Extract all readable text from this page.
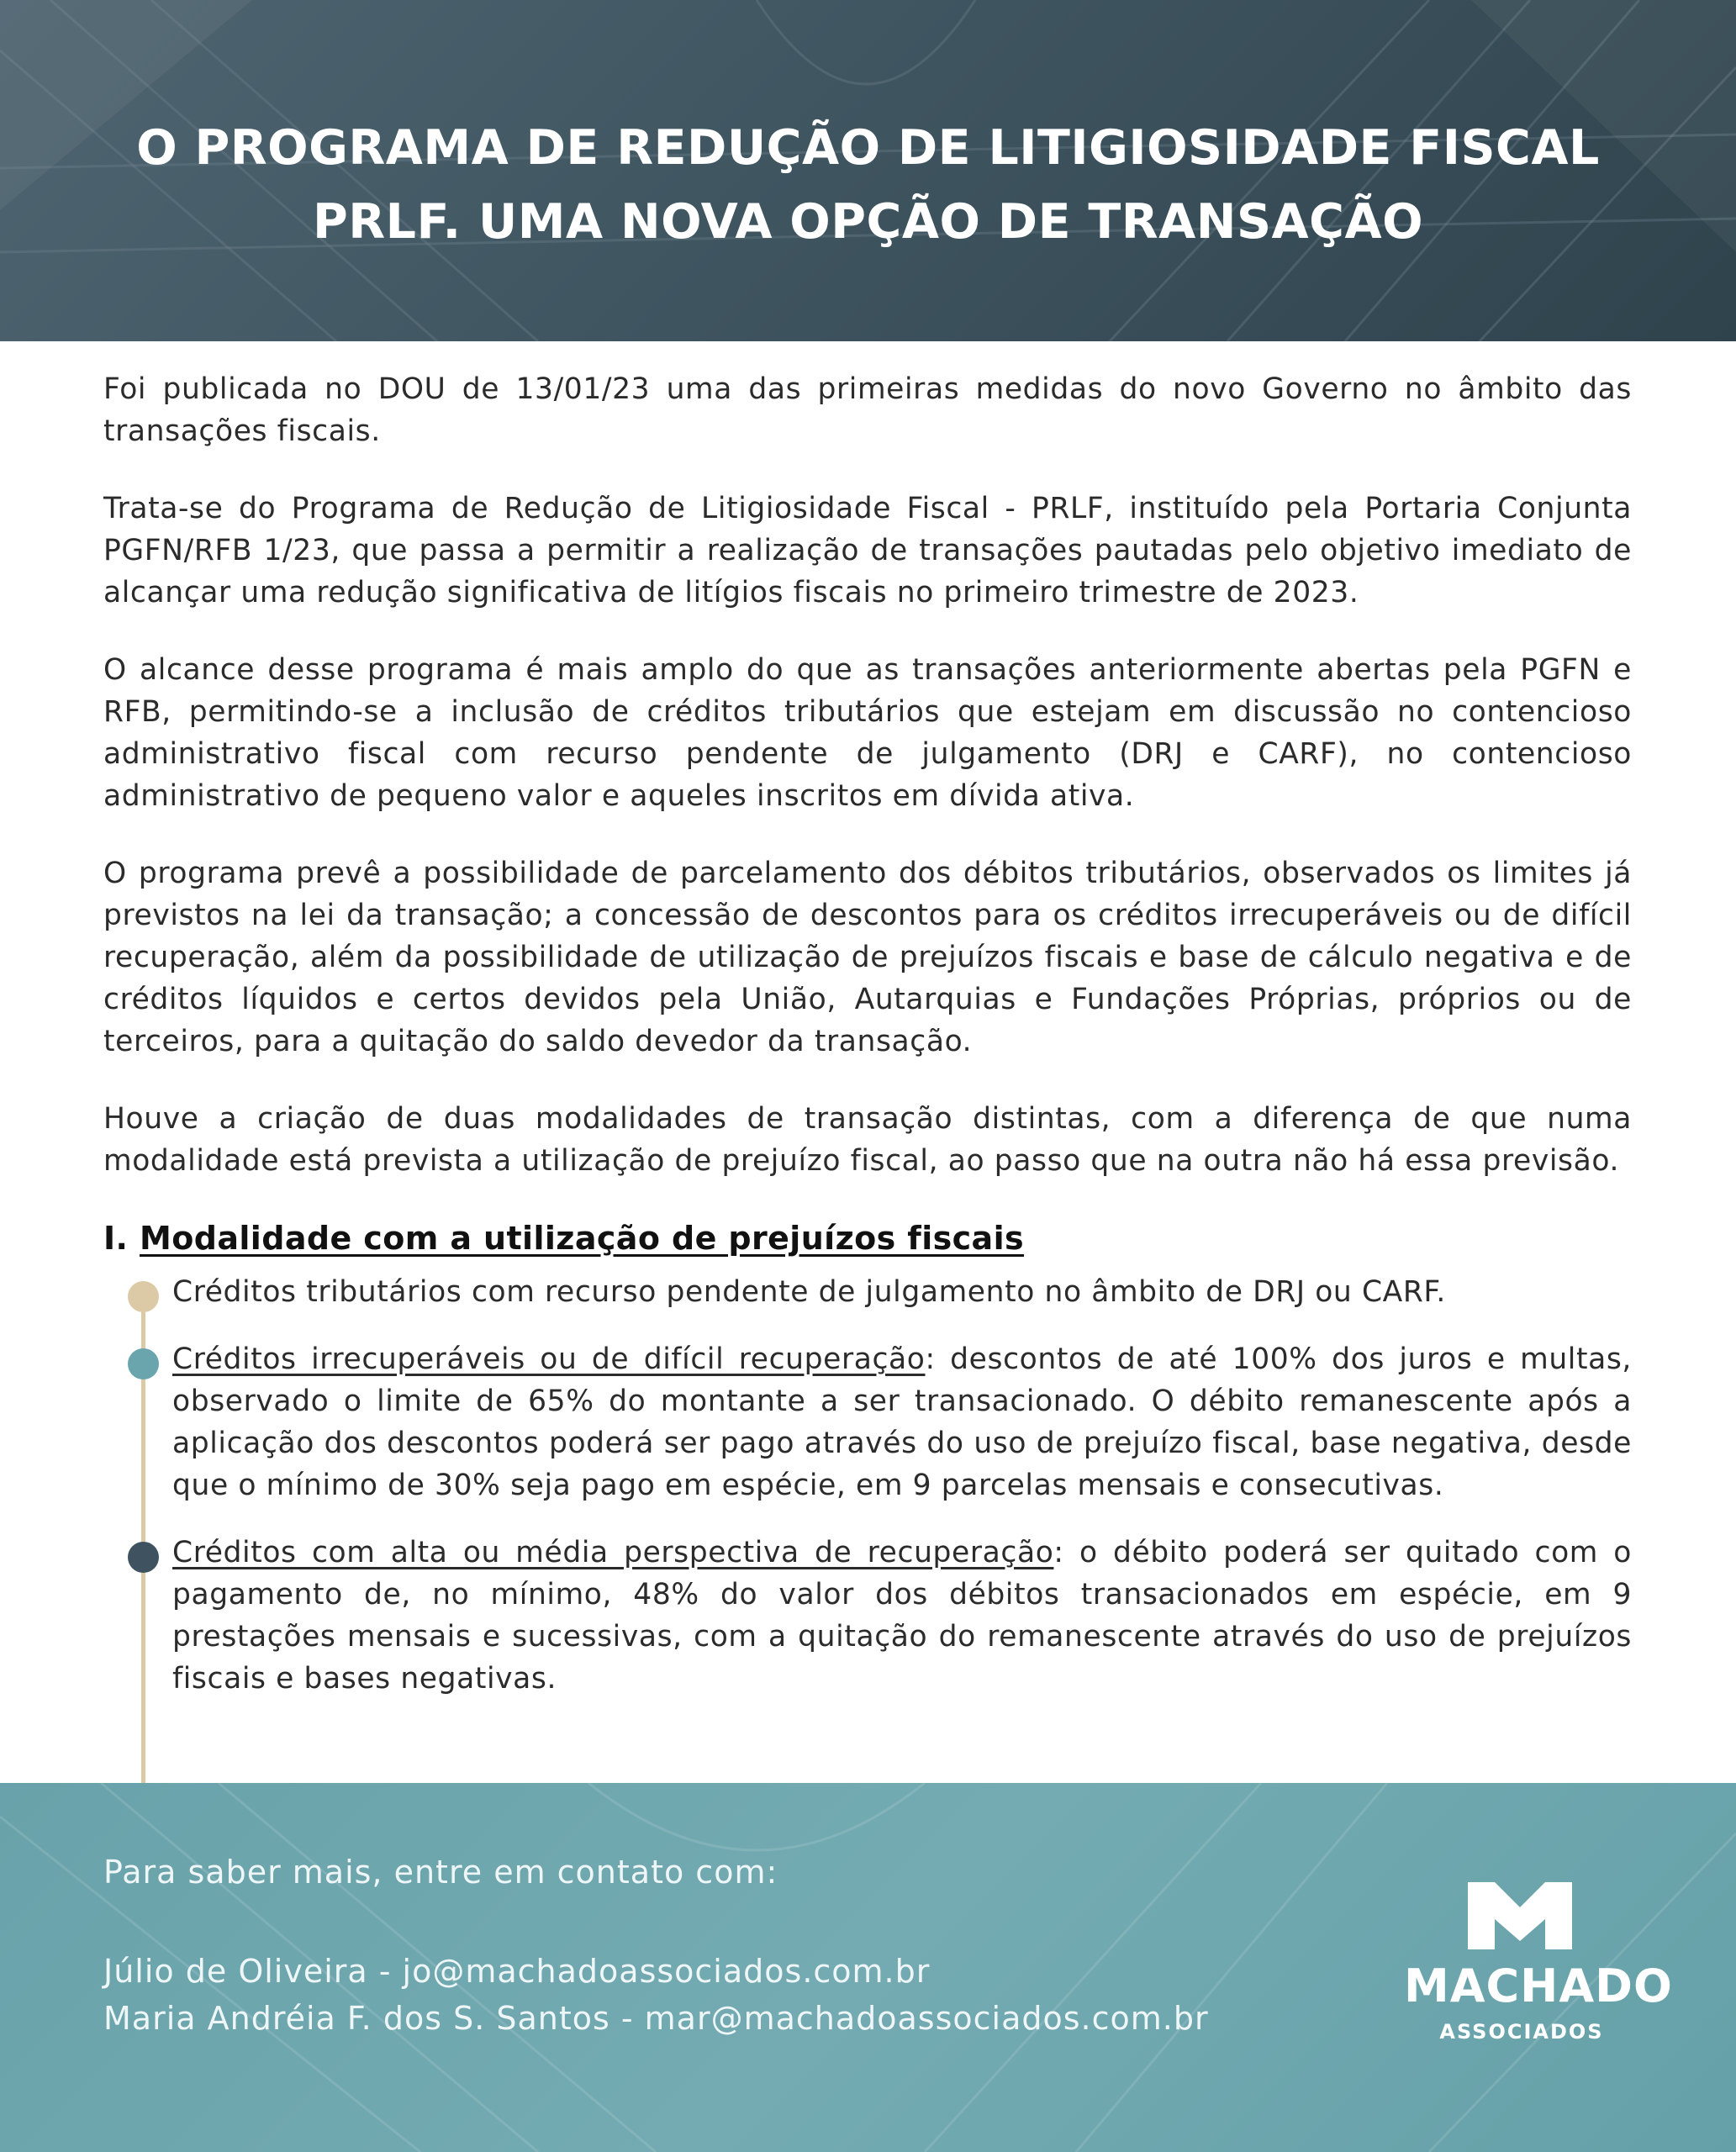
O PROGRAMA DE REDUÇÃO DE LITIGIOSIDADE FISCAL
PRLF. UMA NOVA OPÇÃO DE TRANSAÇÃO

Foi publicada no DOU de 13/01/23 uma das primeiras medidas do novo Governo no âmbito das transações fiscais.

Trata-se do Programa de Redução de Litigiosidade Fiscal - PRLF, instituído pela Portaria Conjunta PGFN/RFB 1/23, que passa a permitir a realização de transações pautadas pelo objetivo imediato de alcançar uma redução significativa de litígios fiscais no primeiro trimestre de 2023.

O alcance desse programa é mais amplo do que as transações anteriormente abertas pela PGFN e RFB, permitindo-se a inclusão de créditos tributários que estejam em discussão no contencioso administrativo fiscal com recurso pendente de julgamento (DRJ e CARF), no contencioso administrativo de pequeno valor e aqueles inscritos em dívida ativa.

O programa prevê a possibilidade de parcelamento dos débitos tributários, observados os limites já previstos na lei da transação; a concessão de descontos para os créditos irrecuperáveis ou de difícil recuperação, além da possibilidade de utilização de prejuízos fiscais e base de cálculo negativa e de créditos líquidos e certos devidos pela União, Autarquias e Fundações Próprias, próprios ou de terceiros, para a quitação do saldo devedor da transação.

Houve a criação de duas modalidades de transação distintas, com a diferença de que numa modalidade está prevista a utilização de prejuízo fiscal, ao passo que na outra não há essa previsão.

I. Modalidade com a utilização de prejuízos fiscais
Créditos tributários com recurso pendente de julgamento no âmbito de DRJ ou CARF.
Créditos irrecuperáveis ou de difícil recuperação: descontos de até 100% dos juros e multas, observado o limite de 65% do montante a ser transacionado. O débito remanescente após a aplicação dos descontos poderá ser pago através do uso de prejuízo fiscal, base negativa, desde que o mínimo de 30% seja pago em espécie, em 9 parcelas mensais e consecutivas.
Créditos com alta ou média perspectiva de recuperação: o débito poderá ser quitado com o pagamento de, no mínimo, 48% do valor dos débitos transacionados em espécie, em 9 prestações mensais e sucessivas, com a quitação do remanescente através do uso de prejuízos fiscais e bases negativas.
Para saber mais, entre em contato com:
Júlio de Oliveira - jo@machadoassociados.com.br
Maria Andréia F. dos S. Santos - mar@machadoassociados.com.br
MACHADO
ASSOCIADOS
